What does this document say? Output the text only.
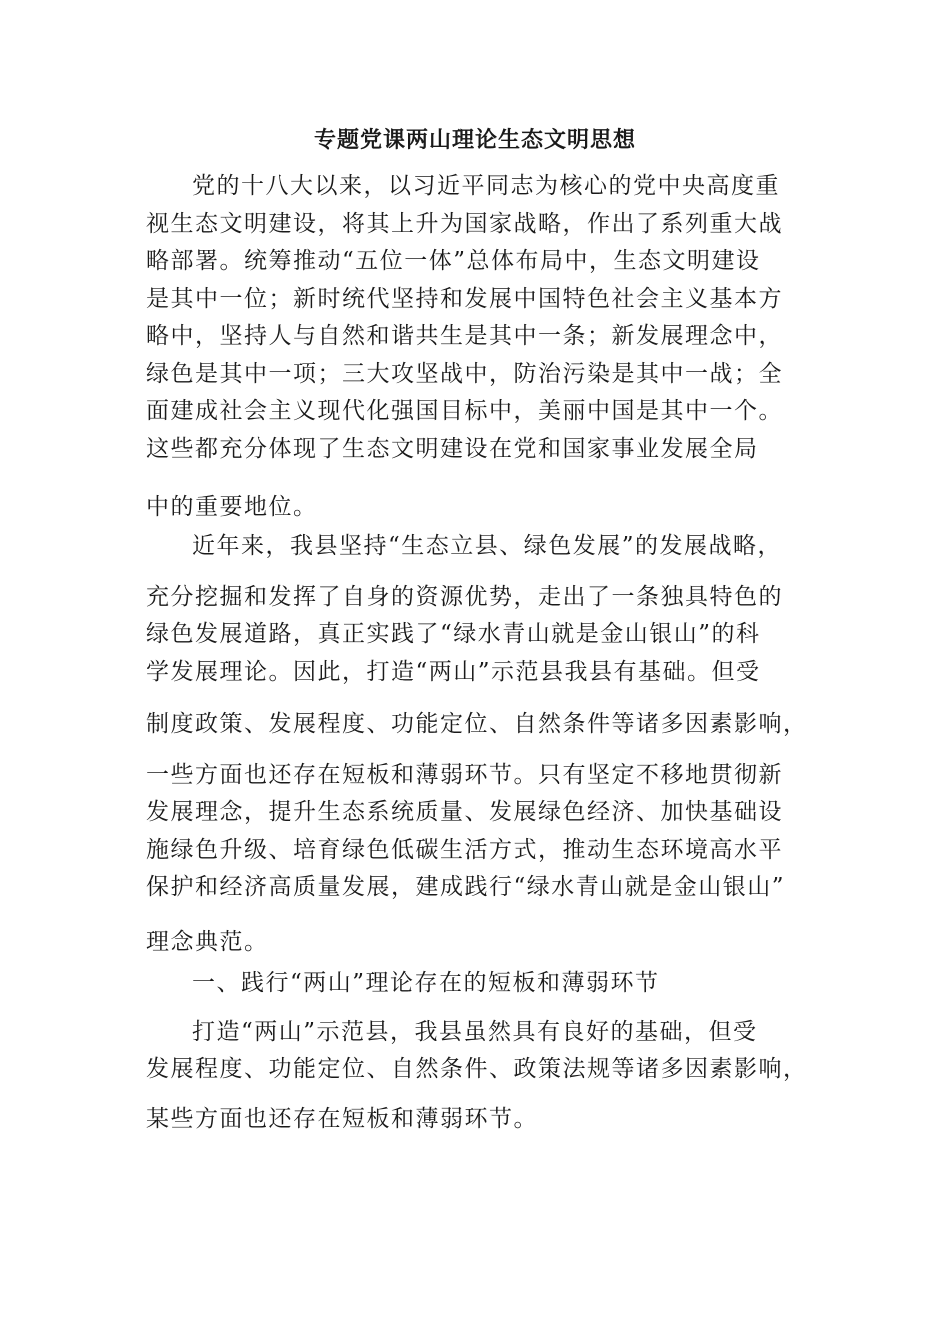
专题党课两山理论生态文明思想
党的十八大以来，以习近平同志为核心的党中央高度重
视生态文明建设，将其上升为国家战略，作出了系列重大战
略部署。统筹推动“五位一体”总体布局中，生态文明建设
是其中一位；新时统代坚持和发展中国特色社会主义基本方
略中，坚持人与自然和谐共生是其中一条；新发展理念中，
绿色是其中一项；三大攻坚战中，防治污染是其中一战；全
面建成社会主义现代化强国目标中，美丽中国是其中一个。
这些都充分体现了生态文明建设在党和国家事业发展全局
中的重要地位。
近年来，我县坚持“生态立县、绿色发展”的发展战略，
充分挖掘和发挥了自身的资源优势，走出了一条独具特色的
绿色发展道路，真正实践了“绿水青山就是金山银山”的科
学发展理论。因此，打造“两山”示范县我县有基础。但受
制度政策、发展程度、功能定位、自然条件等诸多因素影响，
一些方面也还存在短板和薄弱环节。只有坚定不移地贯彻新
发展理念，提升生态系统质量、发展绿色经济、加快基础设
施绿色升级、培育绿色低碳生活方式，推动生态环境高水平
保护和经济高质量发展，建成践行“绿水青山就是金山银山”
理念典范。
一、践行“两山”理论存在的短板和薄弱环节
打造“两山”示范县，我县虽然具有良好的基础，但受
发展程度、功能定位、自然条件、政策法规等诸多因素影响，
某些方面也还存在短板和薄弱环节。
